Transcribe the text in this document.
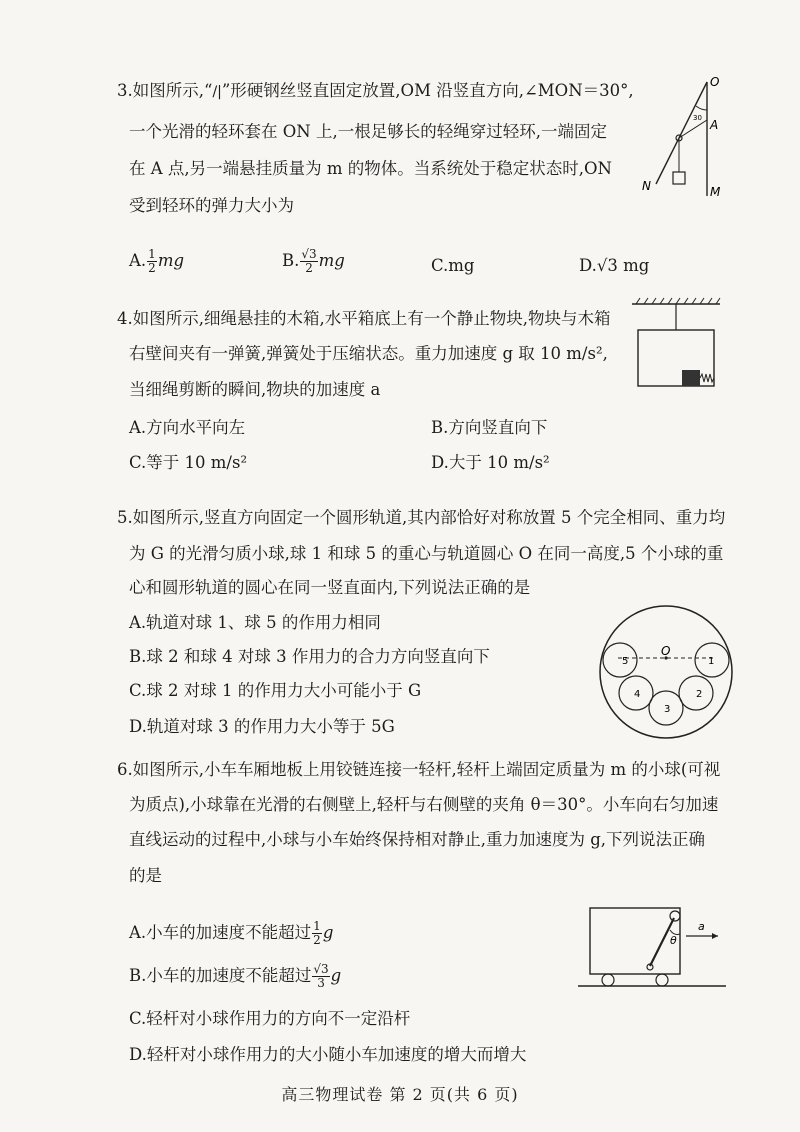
3.如图所示,“/|”形硬钢丝竖直固定放置,OM 沿竖直方向,∠MON＝30°,
一个光滑的轻环套在 ON 上,一根足够长的轻绳穿过轻环,一端固定
在 A 点,另一端悬挂质量为 m 的物体。当系统处于稳定状态时,ON
受到轻环的弹力大小为
A. $\frac{1}{2}$ mg	B. $\frac{√3}{2}$ mg	C.mg	D.√3 mg
O
A
N	M
30
4.如图所示,细绳悬挂的木箱,水平箱底上有一个静止物块,物块与木箱
右壁间夹有一弹簧,弹簧处于压缩状态。重力加速度 g 取 10 m/s²,
当细绳剪断的瞬间,物块的加速度 a
A.方向水平向左	B.方向竖直向下
C.等于 10 m/s²	D.大于 10 m/s²
5.如图所示,竖直方向固定一个圆形轨道,其内部恰好对称放置 5 个完全相同、重力均
为 G 的光滑匀质小球,球 1 和球 5 的重心与轨道圆心 O 在同一高度,5 个小球的重
心和圆形轨道的圆心在同一竖直面内,下列说法正确的是
A.轨道对球 1、球 5 的作用力相同
B.球 2 和球 4 对球 3 作用力的合力方向竖直向下
C.球 2 对球 1 的作用力大小可能小于 G
D.轨道对球 3 的作用力大小等于 5G
O
5	1
4	2
3
6.如图所示,小车车厢地板上用铰链连接一轻杆,轻杆上端固定质量为 m 的小球(可视
为质点),小球靠在光滑的右侧壁上,轻杆与右侧壁的夹角 θ＝30°。小车向右匀加速
直线运动的过程中,小球与小车始终保持相对静止,重力加速度为 g,下列说法正确
的是
A.小车的加速度不能超过 $\frac{1}{2}$ g
B.小车的加速度不能超过 $\frac{√3}{3}$ g
C.轻杆对小球作用力的方向不一定沿杆
D.轻杆对小球作用力的大小随小车加速度的增大而增大
θ
a
高三物理试卷 第 2 页(共 6 页)
